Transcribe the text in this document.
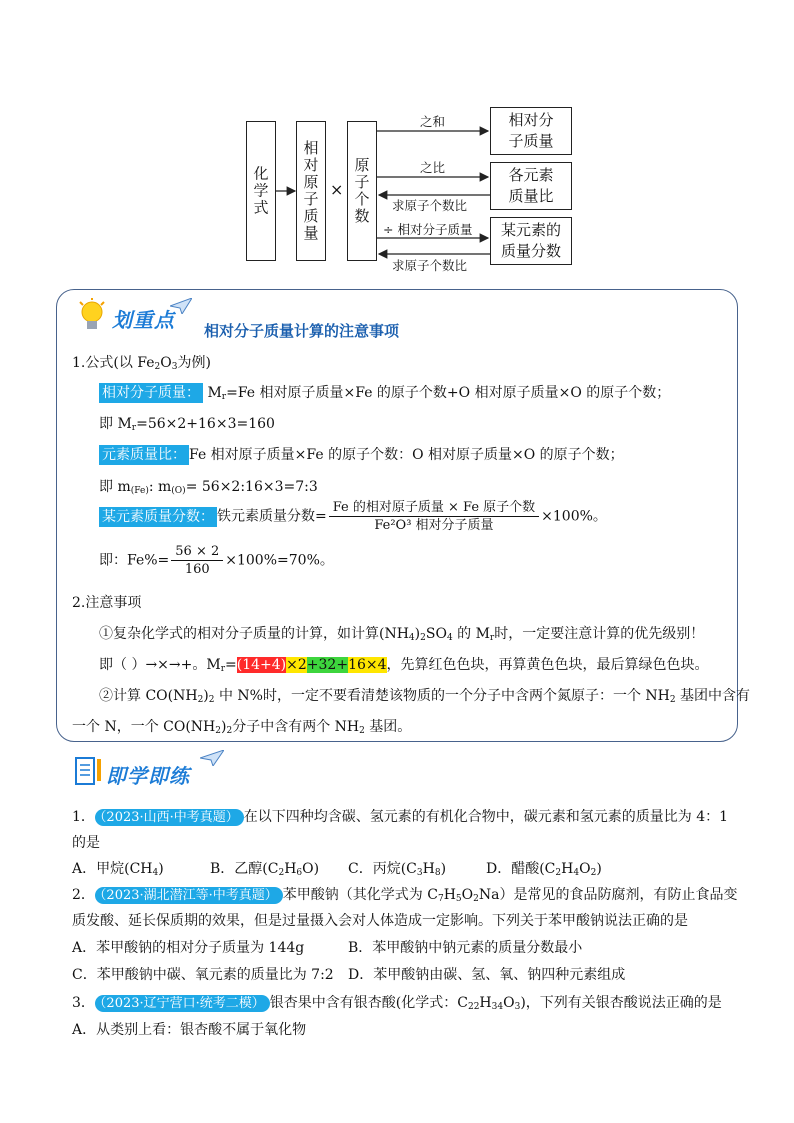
化
学
式
相
对
原
子
质
量
×
原
子
个
数
相对分
子质量
各元素
质量比
某元素的
质量分数
之和
之比
求原子个数比
÷ 相对分子质量
求原子个数比
划重点 相对分子质量计算的注意事项
1.公式(以 $Fe_2O_3$为例)
相对分子质量： $M_r=Fe$ 相对原子质量×Fe 的原子个数+O 相对原子质量×O 的原子个数；
即 $M_r=56\times 2+16\times 3=160$
元素质量比： Fe 相对原子质量×Fe 的原子个数：O 相对原子质量×O 的原子个数；
即 $m_{(Fe)}$: $m_{(O)}=$ 56×2:16×3=7:3
某元素质量分数： 铁元素质量分数= $\frac{\text{Fe 的相对原子质量 × Fe 原子个数}}{\text{Fe²O³ 相对分子质量}} \times 100\%$。
即：$Fe\%= \frac{56 \times 2}{160} \times 100\%=70\%$。
2.注意事项
①复杂化学式的相对分子质量的计算，如计算$(NH_4)_2SO_4$ 的 $M_r$时，一定要注意计算的优先级别！
即（ ）→×→+。$M_r=(14+4)\times 2+32+16\times 4$，先算红色色块，再算黄色色块，最后算绿色色块。
②计算 $CO(NH_2)_2$ 中 N%时，一定不要看清楚该物质的一个分子中含两个氮原子：一个 $NH_2$ 基团中含有
一个 N，一个 $CO(NH_2)_2$分子中含有两个 $NH_2$ 基团。
即学即练
1． （2023·山西·中考真题） 在以下四种均含碳、氢元素的有机化合物中，碳元素和氢元素的质量比为 4：1
的是
A．甲烷$(CH_4)$	B．乙醇$(C_2H_6O)$ C．丙烷$(C_3H_8)$	D．醋酸$(C_2H_4O_2)$
2． （2023·湖北潜江等·中考真题） 苯甲酸钠（其化学式为 $C_7H_5O_2Na$）是常见的食品防腐剂，有防止食品变
质发酸、延长保质期的效果，但是过量摄入会对人体造成一定影响。下列关于苯甲酸钠说法正确的是
A．苯甲酸钠的相对分子质量为 144g	B．苯甲酸钠中钠元素的质量分数最小
C．苯甲酸钠中碳、氧元素的质量比为 7:2 D．苯甲酸钠由碳、氢、氧、钠四种元素组成
3． （2023·辽宁营口·统考二模） 银杏果中含有银杏酸(化学式：$C_{22}H_{34}O_3$)，下列有关银杏酸说法正确的是
A．从类别上看：银杏酸不属于氧化物
